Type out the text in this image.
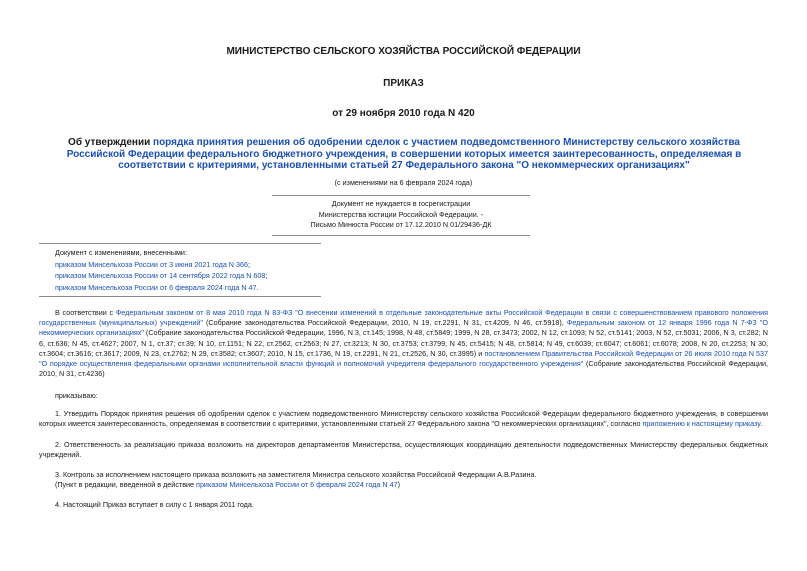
МИНИСТЕРСТВО СЕЛЬСКОГО ХОЗЯЙСТВА РОССИЙСКОЙ ФЕДЕРАЦИИ
ПРИКАЗ
от 29 ноября 2010 года N 420
Об утверждении порядка принятия решения об одобрении сделок с участием подведомственного Министерству сельского хозяйства Российской Федерации федерального бюджетного учреждения, в совершении которых имеется заинтересованность, определяемая в соответствии с критериями, установленными статьей 27 Федерального закона "О некоммерческих организациях"
(с изменениями на 6 февраля 2024 года)
Документ не нуждается в госрегистрации
Министерства юстиции Российской Федерации. -
Письмо Минюста России от 17.12.2010 N 01/29436-ДК
Документ с изменениями, внесенными:
приказом Минсельхоза России от 3 июня 2021 года N 366;
приказом Минсельхоза России от 14 сентября 2022 года N 608;
приказом Минсельхоза России от 6 февраля 2024 года N 47.

В соответствии с Федеральным законом от 8 мая 2010 года N 83-ФЗ "О внесении изменений в отдельные законодательные акты Российской Федерации в связи с совершенствованием правового положения государственных (муниципальных) учреждений" (Собрание законодательства Российской Федерации, 2010, N 19, ст.2291, N 31, ст.4209, N 46, ст.5918), Федеральным законом от 12 января 1996 года N 7-ФЗ "О некоммерческих организациях" (Собрание законодательства Российской Федерации, 1996, N 3, ст.145; 1998, N 48, ст.5849; 1999, N 28, ст.3473; 2002, N 12, ст.1093; N 52, ст.5141; 2003, N 52, ст.5031; 2006, N 3, ст.282; N 6, ст.636; N 45, ст.4627; 2007, N 1, ст.37; ст.39; N 10, ст.1151; N 22, ст.2562, ст.2563; N 27, ст.3213; N 30, ст.3753; ст.3799; N 45, ст.5415; N 48, ст.5814; N 49, ст.6039; ст.6047; ст.6061; ст.6078; 2008, N 20, ст.2253; N 30, ст.3604; ст.3616; ст.3617; 2009, N 23, ст.2762; N 29, ст.3582; ст.3607; 2010, N 15, ст.1736, N 19, ст.2291, N 21, ст.2526, N 30, ст.3995) и постановлением Правительства Российской Федерации от 26 июля 2010 года N 537 "О порядке осуществления федеральными органами исполнительной власти функций и полномочий учредителя федерального государственного учреждения" (Собрание законодательства Российской Федерации, 2010, N 31, ст.4236)

приказываю:

1. Утвердить Порядок принятия решения об одобрении сделок с участием подведомственного Министерству сельского хозяйства Российской Федерации федерального бюджетного учреждения, в совершении которых имеется заинтересованность, определяемая в соответствии с критериями, установленными статьей 27 Федерального закона "О некоммерческих организациях", согласно приложению к настоящему приказу.

2. Ответственность за реализацию приказа возложить на директоров департаментов Министерства, осуществляющих координацию деятельности подведомственных Министерству федеральных бюджетных учреждений.

3. Контроль за исполнением настоящего приказа возложить на заместителя Министра сельского хозяйства Российской Федерации А.В.Разина.

(Пункт в редакции, введенной в действие приказом Минсельхоза России от 6 февраля 2024 года N 47)

4. Настоящий Приказ вступает в силу с 1 января 2011 года.
